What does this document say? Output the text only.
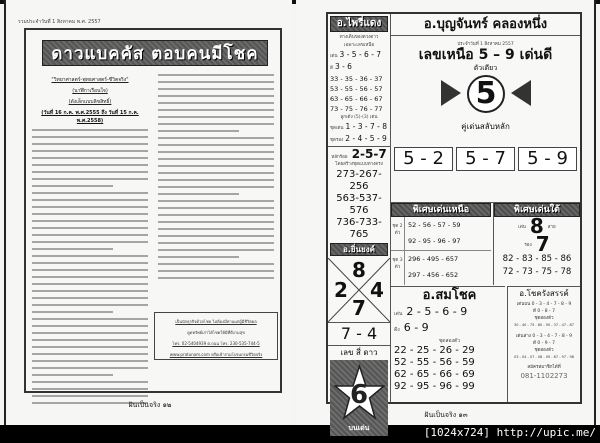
รวมประจำวันที่ 1 สิงหาคม พ.ศ. 2557
ดาวแบคคัส ตอบคนมีโชค
"วิทยาศาสตร์-พุทธศาสตร์-ชีวิตจริง"
(นาฬิกาเรือนใจ)
(ดังเล็กแบบลิขสิทธิ์)
(วันที่ 16 ก.ค. พ.ศ.2555 ถึง วันที่ 15 ก.ค. พ.ศ.2558)
เป็นนักธุรกิจด้วยโชค ไม่ต้องมีทานแก่ผู้มีชีวิตผล
ดูดทรัพย์เก่าได้โชคให้มีที่ดีงามสุข
โทร. 02-5404939 ต.ถนน โทร. 230-535-744-5
www.pratunam.com หรือเข้าร่วมโปรแกรมชีวิตจริง
ฝันเป็นจริง ๑๒
อ.ไพรี่แดง
ทางเดินของดวงดาว
เฉพาะเลขเหนือ
เด่น 3 - 5 - 6 - 7
ดี 3 - 6
33 - 35 - 36 - 37
53 - 55 - 56 - 57
63 - 65 - 66 - 67
73 - 75 - 76 - 77
ลูกเด้ง (5)-(3) เด่น
ชุดเด่น 1 - 3 - 7 - 8
ชุดรอง 2 - 4 - 5 - 9
หลักร้อย 2-5-7
โดยสร้างชุดแบบทางตรง
273-267-256
563-537-576
736-733-765
อ.ยิ่นยงค์
8
2 4
7
7 - 4
เลข สี่ ดาว
6
บนเด่น
อ.บุญจันทร์ คลองหนึ่ง
ประจำวันที่ 1 สิงหาคม 2557
เลขเหนือ 5 – 9 เด่นดี
ตัวเดียว
5
คู่เด่นสลับหลัก
5 - 2	5 - 7	5 - 9
พิเศษเด่นเหนือ
ชุด 2 ตัว
52 - 56 - 57 - 59
92 - 95 - 96 - 97
ชุด 3 ตัว
296 - 495 - 657
297 - 456 - 652
พิเศษเด่นใต้
เด่น 8 สาย
รอง 7
82 - 83 - 85 - 86
72 - 73 - 75 - 78
อ.สมโชค
เด่น 2 - 5 - 6 - 9
ดีง 6 - 9
ชุดสองตัว
22 - 25 - 26 - 29
52 - 55 - 56 - 59
62 - 65 - 66 - 69
92 - 95 - 96 - 99
อ.โชครังสรรค์
เด่นบน 0 - 3 - 4 - 7 - 8 - 9
ดี 0 - 8 - 7
ชุดสองตัว
30 - 40 - 75 - 80 - 90 - 37 - 47 - 87
เด่นล่าง 0 - 3 - 4 - 7 - 8 - 9
ดี 0 - 9 - 7
ชุดสองตัว
03 - 04 - 07 - 08 - 09 - 87 - 97 - 98
สมัครสมาชิกได้ที่
081-1102273
ฝันเป็นจริง ๑๓
[1024x724] http://upic.me/
